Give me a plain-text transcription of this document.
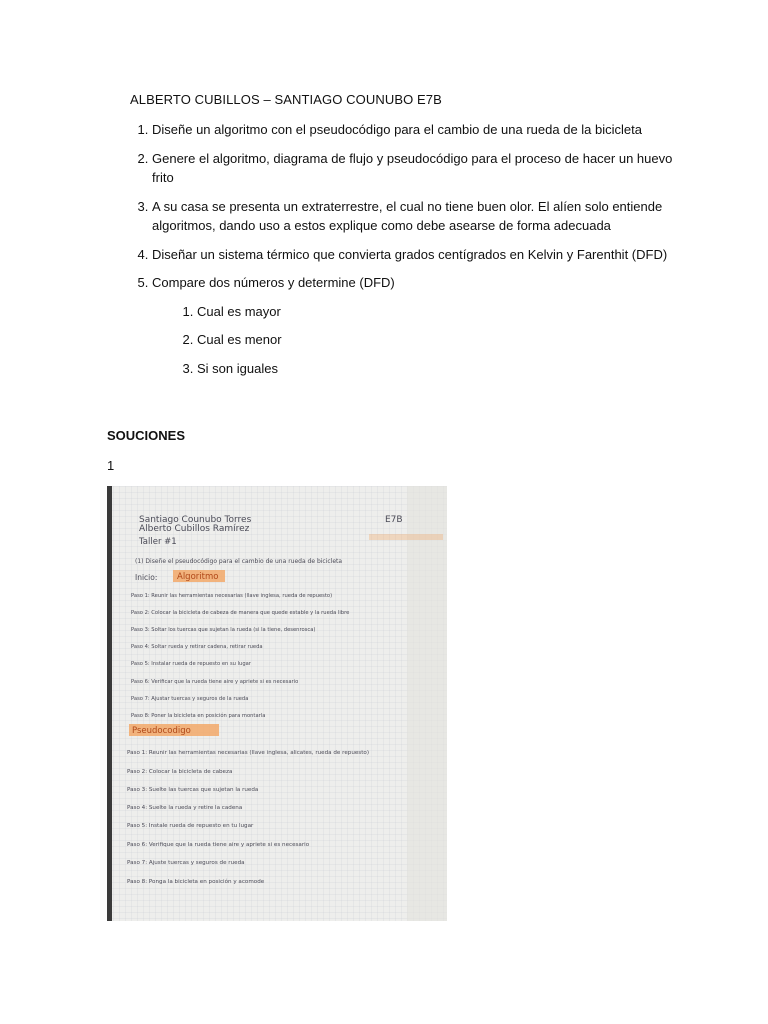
ALBERTO CUBILLOS – SANTIAGO COUNUBO E7B
1. Diseñe un algoritmo con el pseudocódigo para el cambio de una rueda de la bicicleta
2. Genere el algoritmo, diagrama de flujo y pseudocódigo para el proceso de hacer un huevo frito
3. A su casa se presenta un extraterrestre, el cual no tiene buen olor. El alíen solo entiende algoritmos, dando uso a estos explique como debe asearse de forma adecuada
4. Diseñar un sistema térmico que convierta grados centígrados en Kelvin y Farenthit (DFD)
5. Compare dos números y determine (DFD)
1. Cual es mayor
2. Cual es menor
3. Si son iguales
SOUCIONES
1
Santiago Counubo Torres
Alberto Cubillos Ramírez
E7B
Taller #1
(1) Diseñe el pseudocódigo para el cambio de una rueda de bicicleta
Inicio: Algoritmo
Paso 1: Reunir las herramientas necesarias (llave inglesa, rueda de repuesto)
Paso 2: Colocar la bicicleta de cabeza de manera que quede estable y la rueda libre
Paso 3: Soltar los tuercas que sujetan la rueda (si la tiene, desenrosca)
Paso 4: Soltar rueda y retirar cadena, retirar rueda
Paso 5: Instalar rueda de repuesto en su lugar
Paso 6: Verificar que la rueda tiene aire y apriete si es necesario
Paso 7: Ajustar tuercas y seguros de la rueda
Paso 8: Poner la bicicleta en posición para montarla
Pseudocodigo
Paso 1: Reunir las herramientas necesarias (llave inglesa, alicates, rueda de repuesto)
Paso 2: Colocar la bicicleta de cabeza
Paso 3: Suelte las tuercas que sujetan la rueda
Paso 4: Suelte la rueda y retire la cadena
Paso 5: Instale rueda de repuesto en tu lugar
Paso 6: Verifique que la rueda tiene aire y apriete si es necesario
Paso 7: Ajuste tuercas y seguros de rueda
Paso 8: Ponga la bicicleta en posición y acomode
